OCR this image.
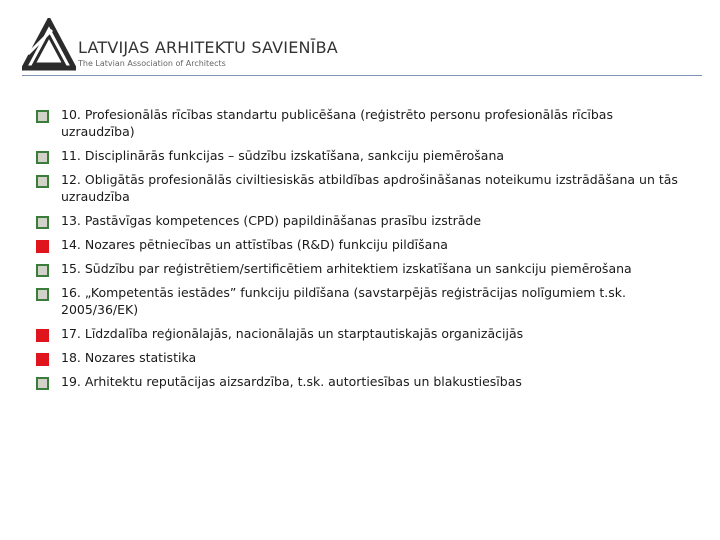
LATVIJAS ARHITEKTU SAVIENĪBA
The Latvian Association of Architects
10. Profesionālās rīcības standartu publicēšana (reģistrēto personu profesionālās rīcības uzraudzība)
11. Disciplinārās funkcijas – sūdzību izskatīšana, sankciju piemērošana
12. Obligātās profesionālās civiltiesiskās atbildības apdrošināšanas noteikumu izstrādāšana un tās uzraudzība
13. Pastāvīgas kompetences (CPD) papildināšanas prasību izstrāde
14. Nozares pētniecības un attīstības (R&D) funkciju pildīšana
15. Sūdzību par reģistrētiem/sertificētiem arhitektiem izskatīšana un sankciju piemērošana
16. „Kompetentās iestādes” funkciju pildīšana (savstarpējās reģistrācijas nolīgumiem t.sk. 2005/36/EK)
17. Līdzdalība reģionālajās, nacionālajās un starptautiskajās organizācijās
18. Nozares statistika
19. Arhitektu reputācijas aizsardzība, t.sk. autortiesības un blakustiesības
